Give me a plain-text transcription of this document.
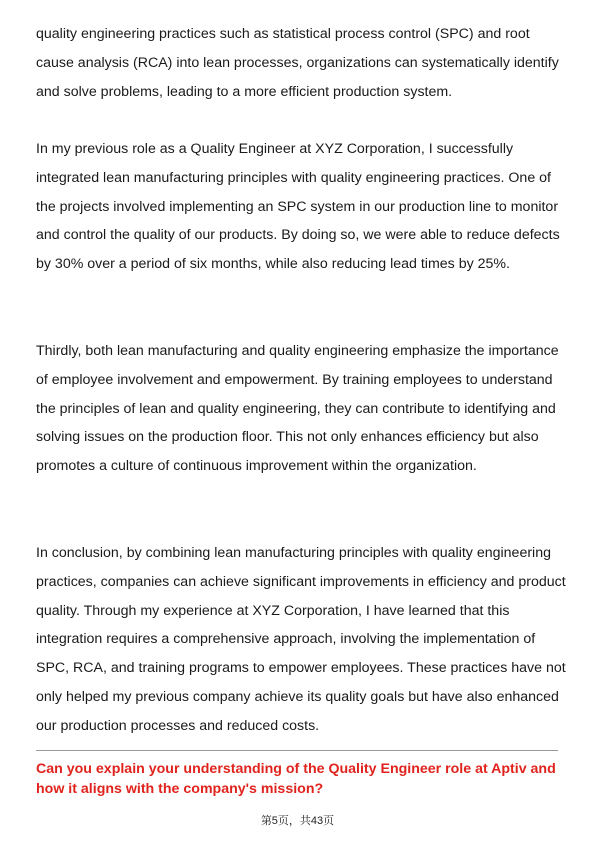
quality engineering practices such as statistical process control (SPC) and root cause analysis (RCA) into lean processes, organizations can systematically identify and solve problems, leading to a more efficient production system.

In my previous role as a Quality Engineer at XYZ Corporation, I successfully integrated lean manufacturing principles with quality engineering practices. One of the projects involved implementing an SPC system in our production line to monitor and control the quality of our products. By doing so, we were able to reduce defects by 30% over a period of six months, while also reducing lead times by 25%.

Thirdly, both lean manufacturing and quality engineering emphasize the importance of employee involvement and empowerment. By training employees to understand the principles of lean and quality engineering, they can contribute to identifying and solving issues on the production floor. This not only enhances efficiency but also promotes a culture of continuous improvement within the organization.

In conclusion, by combining lean manufacturing principles with quality engineering practices, companies can achieve significant improvements in efficiency and product quality. Through my experience at XYZ Corporation, I have learned that this integration requires a comprehensive approach, involving the implementation of SPC, RCA, and training programs to empower employees. These practices have not only helped my previous company achieve its quality goals but have also enhanced our production processes and reduced costs.

Can you explain your understanding of the Quality Engineer role at Aptiv and how it aligns with the company's mission?

第5页，共43页
